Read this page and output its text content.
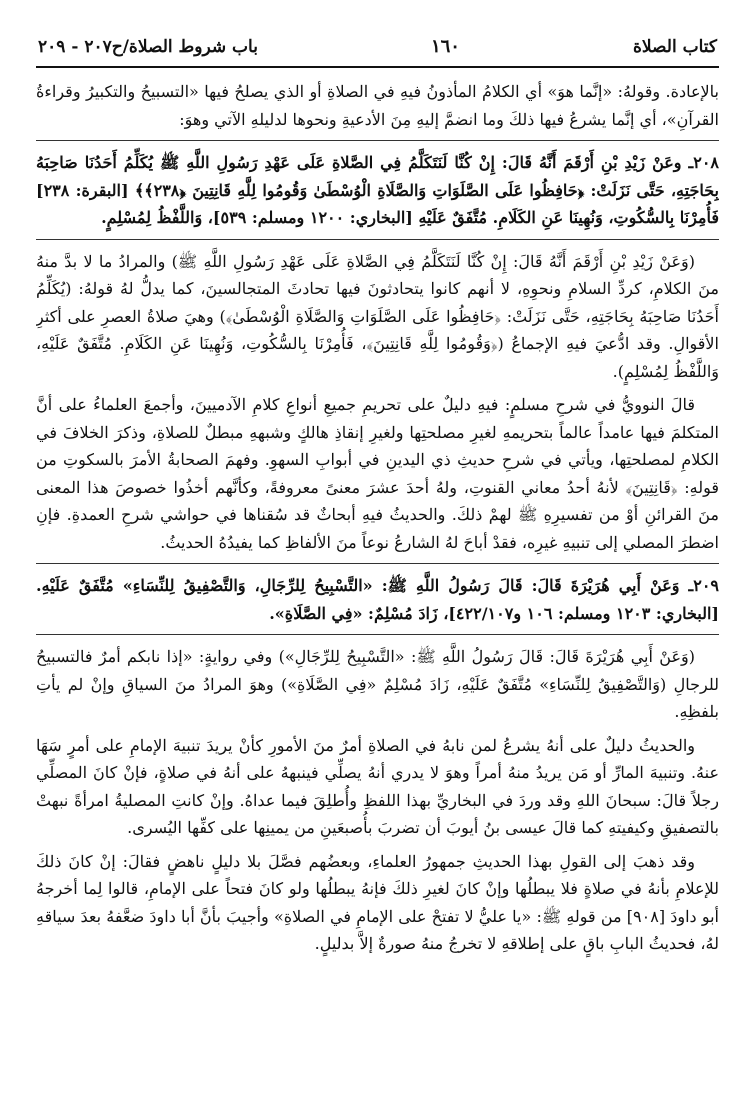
كتاب الصلاة
١٦٠
باب شروط الصلاة/ح٢٠٧ - ٢٠٩

بالإعادة. وقولهُ: «إنَّما هوَ» أي الكلامُ المأذونُ فيهِ في الصلاةِ أو الذي يصلحُ فيها «التسبيحُ والتكبيرُ وقراءةُ القرآنِ»، أي إنَّما يشرعُ فيها ذلكَ وما انضمَّ إليهِ مِنَ الأدعيةِ ونحوها لدليلهِ الآتي وهوَ:

٢٠٨ـ وعَنْ زَيْدِ بْنِ أَرْقَمَ أَنَّهُ قَالَ: إِنْ كُنَّا لَنَتَكَلَّمُ فِي الصَّلاةِ عَلَى عَهْدِ رَسُولِ اللَّهِ ﷺ يُكَلِّمُ أَحَدُنَا صَاحِبَهُ بِحَاجَتِهِ، حَتَّى نَزَلَتْ: ﴿حَافِظُوا عَلَى الصَّلَوَاتِ وَالصَّلَاةِ الْوُسْطَىٰ وَقُومُوا لِلَّهِ قَانِتِينَ ﴿٢٣٨﴾﴾ [البقرة: ٢٣٨] فَأُمِرْنَا بِالسُّكُوتِ، وَنُهِينَا عَنِ الكَلَامِ. مُتَّفَقٌ عَلَيْهِ [البخاري: ١٢٠٠ ومسلم: ٥٣٩]، وَاللَّفْظُ لِمُسْلِمٍ.

(وَعَنْ زَيْدِ بْنِ أَرْقَمَ أَنَّهُ قَالَ: إِنْ كُنَّا لَنَتَكَلَّمُ فِي الصَّلاةِ عَلَى عَهْدِ رَسُولِ اللَّهِ ﷺ) والمرادُ ما لا بدَّ منهُ منَ الكلامِ، كردِّ السلامِ ونحوِهِ، لا أنهم كانوا يتحادثونَ فيها تحادثَ المتجالسينَ، كما يدلُّ لهُ قولهُ: (يُكَلِّمُ أَحَدُنَا صَاحِبَهُ بِحَاجَتِهِ، حَتَّى نَزَلَتْ: ﴿حَافِظُوا عَلَى الصَّلَوَاتِ وَالصَّلَاةِ الْوُسْطَىٰ﴾) وهيَ صلاةُ العصرِ على أكثرِ الأقوالِ. وقد ادُّعيَ فيهِ الإجماعُ (﴿وَقُومُوا لِلَّهِ قَانِتِينَ﴾، فَأُمِرْنَا بِالسُّكُوتِ، وَنُهِينَا عَنِ الكَلَامِ. مُتَّفَقٌ عَلَيْهِ، وَاللَّفْظُ لِمُسْلِمٍ).

قالَ النوويُّ في شرحِ مسلمٍ: فيهِ دليلٌ على تحريمِ جميعِ أنواعِ كلامِ الآدميينَ، وأجمعَ العلماءُ على أنَّ المتكلمَ فيها عامداً عالماً بتحريمهِ لغيرِ مصلحتِها ولغيرِ إنقاذِ هالكٍ وشبههِ مبطلٌ للصلاةِ، وذكرَ الخلافَ في الكلامِ لمصلحتِها، ويأتي في شرحِ حديثِ ذي اليدينِ في أبوابِ السهوِ. وفهمَ الصحابةُ الأمرَ بالسكوتِ من قولهِ: ﴿قَانِتِينَ﴾ لأنهُ أحدُ معاني القنوتِ، ولهُ أحدَ عشرَ معنىً معروفةً، وكأنَّهم أخذُوا خصوصَ هذا المعنى منَ القرائنِ أوْ من تفسيرِهِ ﷺ لهمْ ذلكَ. والحديثُ فيهِ أبحاثٌ قد سُقناها في حواشي شرحِ العمدةِ. فإنِ اضطرَ المصلي إلى تنبيهِ غيرِه، فقدْ أباحَ لهُ الشارعُ نوعاً منَ الألفاظِ كما يفيدُهُ الحديثُ.

٢٠٩ـ وَعَنْ أَبِي هُرَيْرَةَ قَالَ: قَالَ رَسُولُ اللَّهِ ﷺ: «التَّسْبِيحُ لِلرِّجَالِ، وَالتَّصْفِيقُ لِلنِّسَاءِ» مُتَّفَقٌ عَلَيْهِ. [البخاري: ١٢٠٣ ومسلم: ١٠٦ و٤٢٢/١٠٧]، زَادَ مُسْلِمٌ: «فِي الصَّلَاةِ».

(وَعَنْ أَبِي هُرَيْرَةَ قَالَ: قَالَ رَسُولُ اللَّهِ ﷺ: «التَّسْبِيحُ لِلرِّجَالِ») وفي روايةٍ: «إذا نابكم أمرٌ فالتسبيحُ للرجالِ (وَالتَّصْفِيقُ لِلنِّسَاءِ» مُتَّفَقٌ عَلَيْهِ، زَادَ مُسْلِمٌ «فِي الصَّلَاةِ») وهوَ المرادُ منَ السياقِ وإنْ لم يأتِ بلفظِهِ.

والحديثُ دليلٌ على أنهُ يشرعُ لمن نابهُ في الصلاةِ أمرٌ منَ الأمورِ كأنْ يريدَ تنبيهَ الإمامِ على أمرٍ سَهَا عنهُ. وتنبيهَ المارِّ أو مَن يريدُ منهُ أمراً وهوَ لا يدري أنهُ يصلِّي فينبههُ على أنهُ في صلاةٍ، فإنْ كانَ المصلِّي رجلاً قالَ: سبحانَ اللهِ وقد وردَ في البخاريِّ بهذا اللفظِ وأُطلِقَ فيما عداهُ. وإنْ كانتِ المصليةُ امرأةً نبهتْ بالتصفيقِ وكيفيتهِ كما قالَ عيسى بنُ أيوبَ أن تضربَ بأُصبعَينِ من يمينِها على كفِّها اليُسرى.

وقد ذهبَ إلى القولِ بهذا الحديثِ جمهورُ العلماءِ، وبعضُهم فصَّلَ بلا دليلٍ ناهضٍ فقالَ: إنْ كانَ ذلكَ للإعلامِ بأنهُ في صلاةٍ فلا يبطلُها وإنْ كانَ لغيرِ ذلكَ فإنهُ يبطلُها ولو كانَ فتحاً على الإمامِ، قالوا لِما أخرجهُ أبو داودَ [٩٠٨] من قولهِ ﷺ: «يا عليُّ لا تفتحْ على الإمامِ في الصلاةِ» وأجيبَ بأنَّ أبا داودَ ضعَّفهُ بعدَ سياقهِ لهُ، فحديثُ البابِ باقٍ على إطلاقهِ لا تخرجُ منهُ صورةٌ إلاَّ بدليلٍ.
